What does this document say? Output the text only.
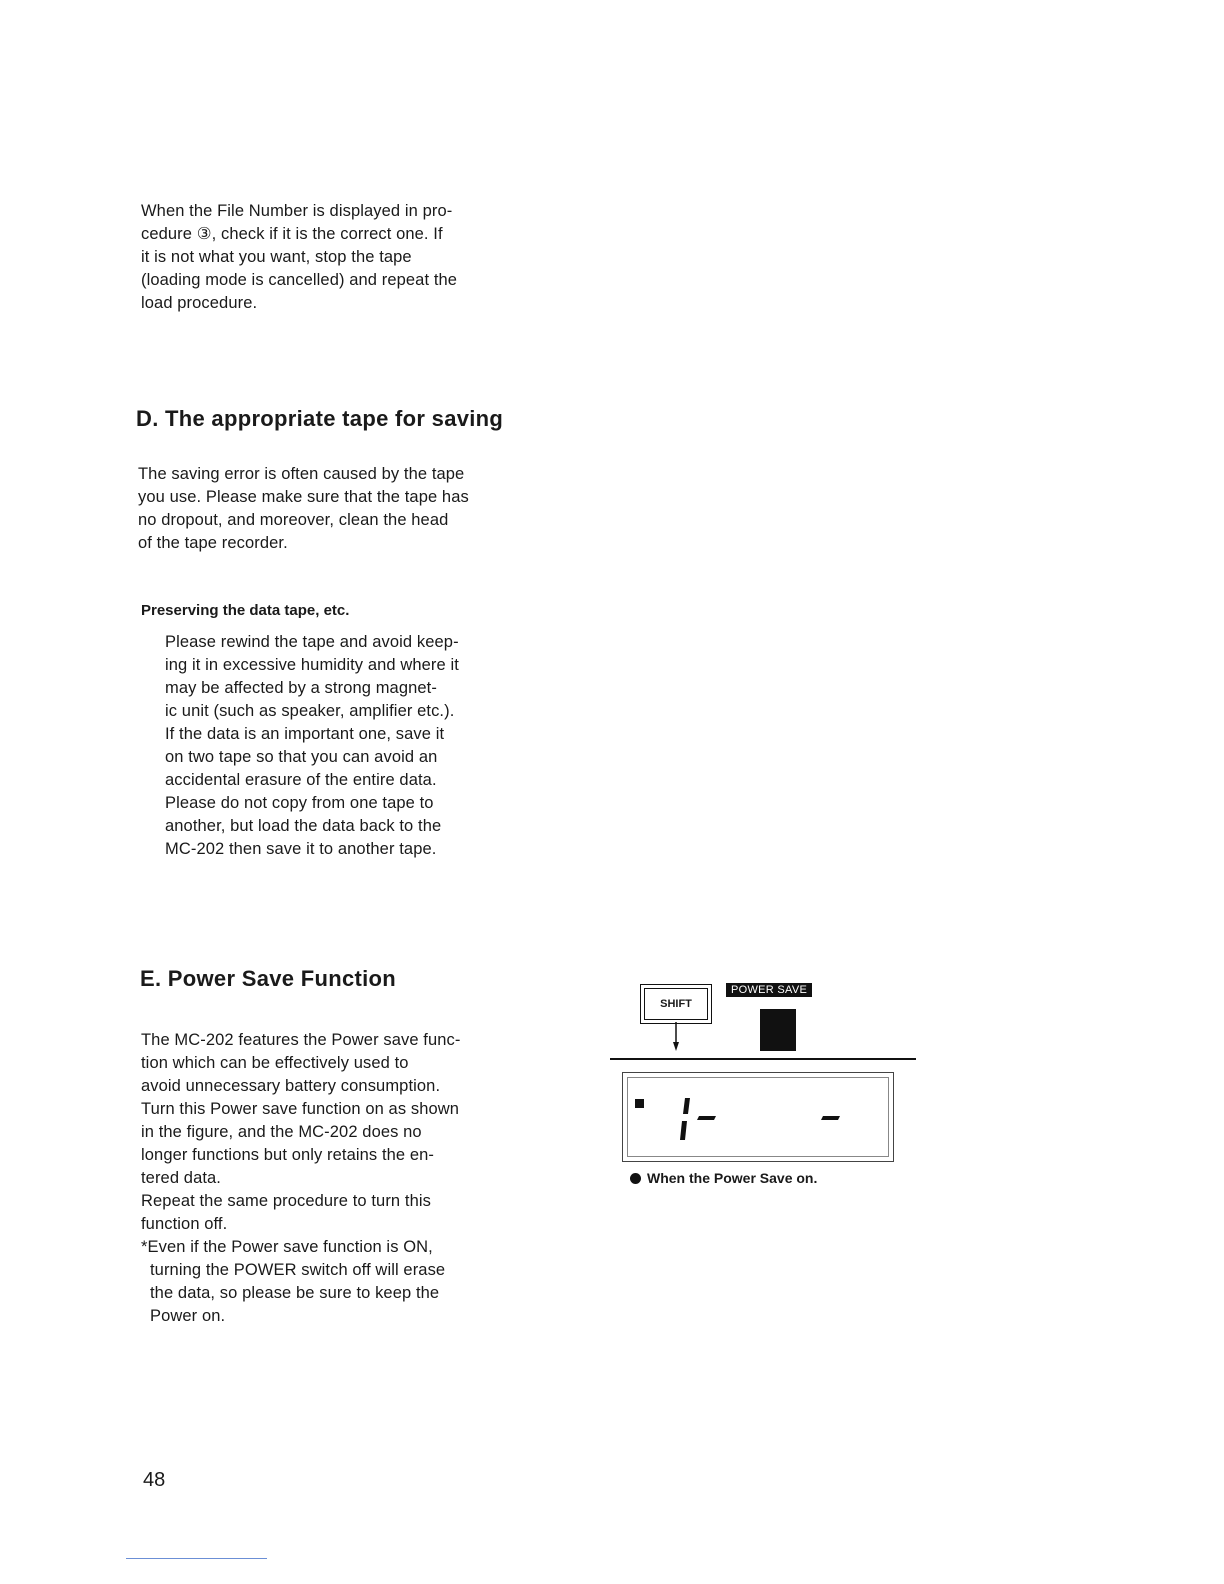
When the File Number is displayed in pro-

cedure ③, check if it is the correct one. If

it is not what you want, stop the tape

(loading mode is cancelled) and repeat the

load procedure.

D. The appropriate tape for saving

The saving error is often caused by the tape

you use. Please make sure that the tape has

no dropout, and moreover, clean the head

of the tape recorder.

Preserving the data tape, etc.

Please rewind the tape and avoid keep-

ing it in excessive humidity and where it

may be affected by a strong magnet-

ic unit (such as speaker, amplifier etc.).

If the data is an important one, save it

on two tape so that you can avoid an

accidental erasure of the entire data.

Please do not copy from one tape to

another, but load the data back to the

MC-202 then save it to another tape.

E. Power Save Function

The MC-202 features the Power save func-

tion which can be effectively used to

avoid unnecessary battery consumption.

Turn this Power save function on as shown

in the figure, and the MC-202 does no

longer functions but only retains the en-

tered data.

Repeat the same procedure to turn this

function off.

*Even if the Power save function is ON,

turning the POWER switch off will erase

the data, so please be sure to keep the

Power on.

SHIFT
POWER SAVE
When the Power Save on.
48
